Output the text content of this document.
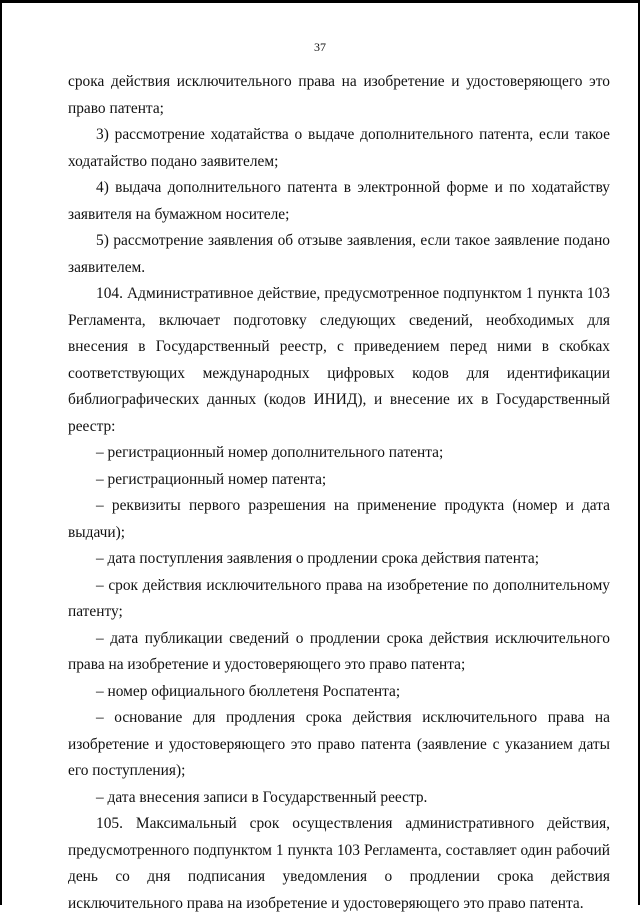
37

срока действия исключительного права на изобретение и удостоверяющего это право патента;

3) рассмотрение ходатайства о выдаче дополнительного патента, если такое ходатайство подано заявителем;

4) выдача дополнительного патента в электронной форме и по ходатайству заявителя на бумажном носителе;

5) рассмотрение заявления об отзыве заявления, если такое заявление подано заявителем.

104. Административное действие, предусмотренное подпунктом 1 пункта 103 Регламента, включает подготовку следующих сведений, необходимых для внесения в Государственный реестр, с приведением перед ними в скобках соответствующих международных цифровых кодов для идентификации библиографических данных (кодов ИНИД), и внесение их в Государственный реестр:

– регистрационный номер дополнительного патента;

– регистрационный номер патента;

– реквизиты первого разрешения на применение продукта (номер и дата выдачи);

– дата поступления заявления о продлении срока действия патента;

– срок действия исключительного права на изобретение по дополнительному патенту;

– дата публикации сведений о продлении срока действия исключительного права на изобретение и удостоверяющего это право патента;

– номер официального бюллетеня Роспатента;

– основание для продления срока действия исключительного права на изобретение и удостоверяющего это право патента (заявление с указанием даты его поступления);

– дата внесения записи в Государственный реестр.

105. Максимальный срок осуществления административного действия, предусмотренного подпунктом 1 пункта 103 Регламента, составляет один рабочий день со дня подписания уведомления о продлении срока действия исключительного права на изобретение и удостоверяющего это право патента.
